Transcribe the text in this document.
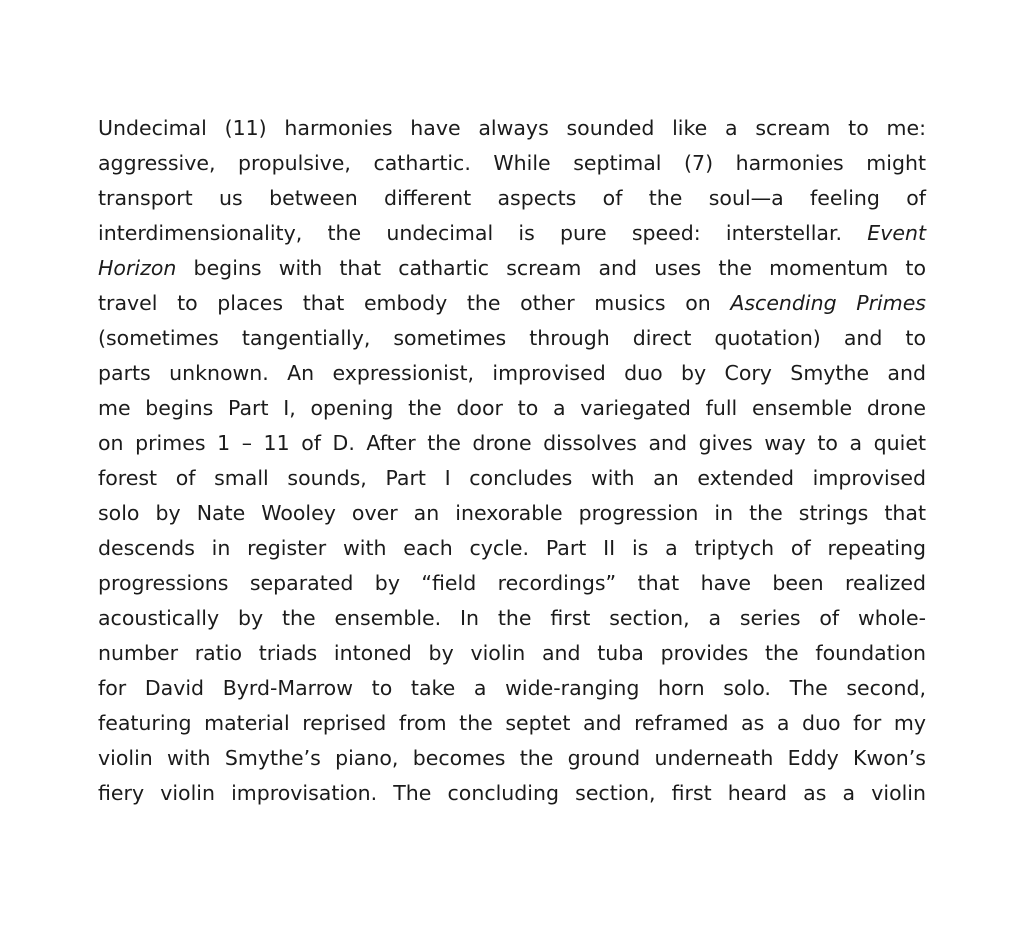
Undecimal (11) harmonies have always sounded like a scream to me:
aggressive, propulsive, cathartic. While septimal (7) harmonies might
transport us between different aspects of the soul—a feeling of
interdimensionality, the undecimal is pure speed: interstellar. Event
Horizon begins with that cathartic scream and uses the momentum to
travel to places that embody the other musics on Ascending Primes
(sometimes tangentially, sometimes through direct quotation) and to
parts unknown. An expressionist, improvised duo by Cory Smythe and
me begins Part I, opening the door to a variegated full ensemble drone
on primes 1 – 11 of D. After the drone dissolves and gives way to a quiet
forest of small sounds, Part I concludes with an extended improvised
solo by Nate Wooley over an inexorable progression in the strings that
descends in register with each cycle. Part II is a triptych of repeating
progressions separated by “field recordings” that have been realized
acoustically by the ensemble. In the first section, a series of whole-
number ratio triads intoned by violin and tuba provides the foundation
for David Byrd-Marrow to take a wide-ranging horn solo. The second,
featuring material reprised from the septet and reframed as a duo for my
violin with Smythe’s piano, becomes the ground underneath Eddy Kwon’s
fiery violin improvisation. The concluding section, first heard as a violin
